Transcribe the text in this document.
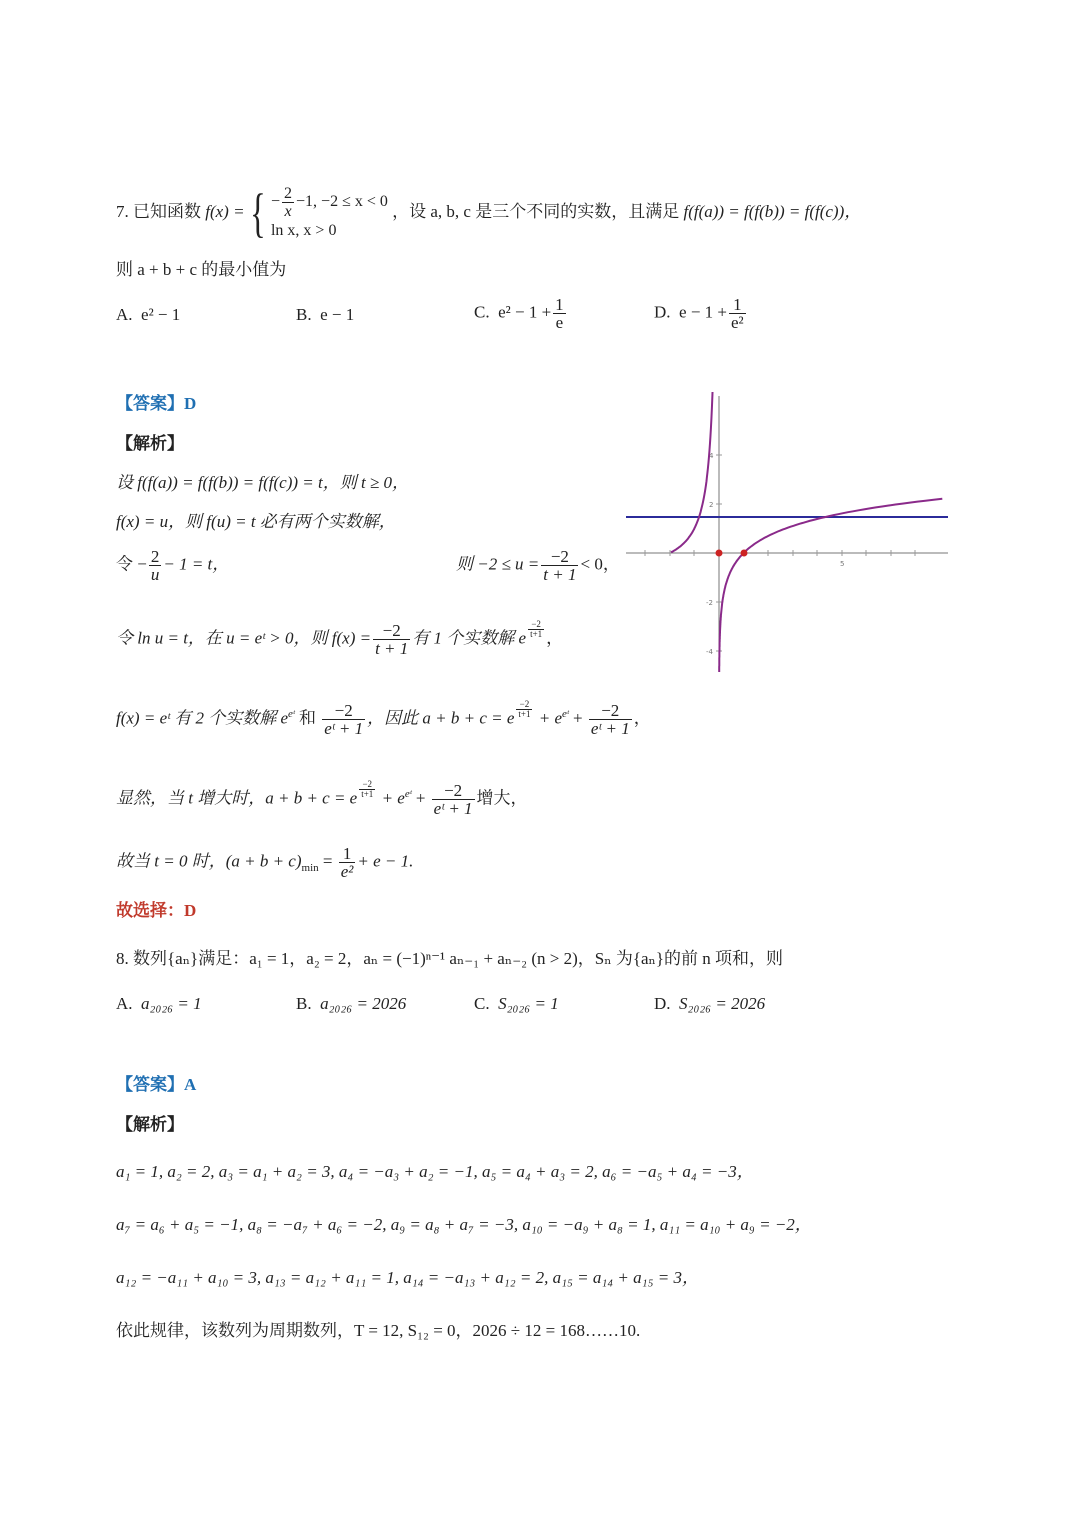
7. 已知函数 f(x) = { − $\frac{2}{x} -1$, −2 ≤ x < 0
ln x, x > 0
，设 a, b, c 是三个不同的实数，且满足 f(f(a)) = f(f(b)) = f(f(c))，
则 a + b + c 的最小值为
A. e² − 1	B. e − 1	C. $e^2 - 1 + \frac{1}{e}$	D. $e - 1 + \frac{1}{\text{e²}}$
【答案】D
【解析】
设 f(f(a)) = f(f(b)) = f(f(c)) = t，则 t ≥ 0，
f(x) = u，则 f(u) = t 必有两个实数解，
令 − $\frac{2}{u} - 1 = t$，	则 $-2 \le u = \frac{-2}{t + 1} < 0$，
令 ln u = t，在 u = eᵗ > 0，则 $f(x) = \frac{-2}{t + 1}$ 有 1 个实数解 e $^{\frac{-2}{t+1}}$ ，
f(x) = eᵗ 有 2 个实数解 $e^{eᵗ}$ 和 $\frac{-2}{\text{eᵗ + 1}}$ ，因此 a + b + c = e $^{\frac{-2}{t+1}} + e^{eᵗ} + \frac{-2}{\text{eᵗ + 1}}$ ，
显然，当 t 增大时，a + b + c = e $^{\frac{-2}{t+1}} + e^{eᵗ} + \frac{-2}{\text{eᵗ + 1}}$ 增大，
故当 t = 0 时，$(a + b + c)_{min} = \frac{1}{\text{e²}} + e - 1$.
故选择：D
4
2
-2
-4
5
8. 数列{aₙ}满足：a₁ = 1，a₂ = 2，aₙ = (−1)ⁿ⁻¹ aₙ₋₁ + aₙ₋₂ (n > 2)，Sₙ 为{aₙ}的前 n 项和，则
A. a₂₀₂₆ = 1	B. a₂₀₂₆ = 2026	C. S₂₀₂₆ = 1	D. S₂₀₂₆ = 2026
【答案】A
【解析】
a₁ = 1, a₂ = 2, a₃ = a₁ + a₂ = 3, a₄ = −a₃ + a₂ = −1, a₅ = a₄ + a₃ = 2, a₆ = −a₅ + a₄ = −3，
a₇ = a₆ + a₅ = −1, a₈ = −a₇ + a₆ = −2, a₉ = a₈ + a₇ = −3, a₁₀ = −a₉ + a₈ = 1, a₁₁ = a₁₀ + a₉ = −2，
a₁₂ = −a₁₁ + a₁₀ = 3, a₁₃ = a₁₂ + a₁₁ = 1, a₁₄ = −a₁₃ + a₁₂ = 2, a₁₅ = a₁₄ + a₁₅ = 3，
依此规律，该数列为周期数列，T = 12, S₁₂ = 0，2026 ÷ 12 = 168……10.
